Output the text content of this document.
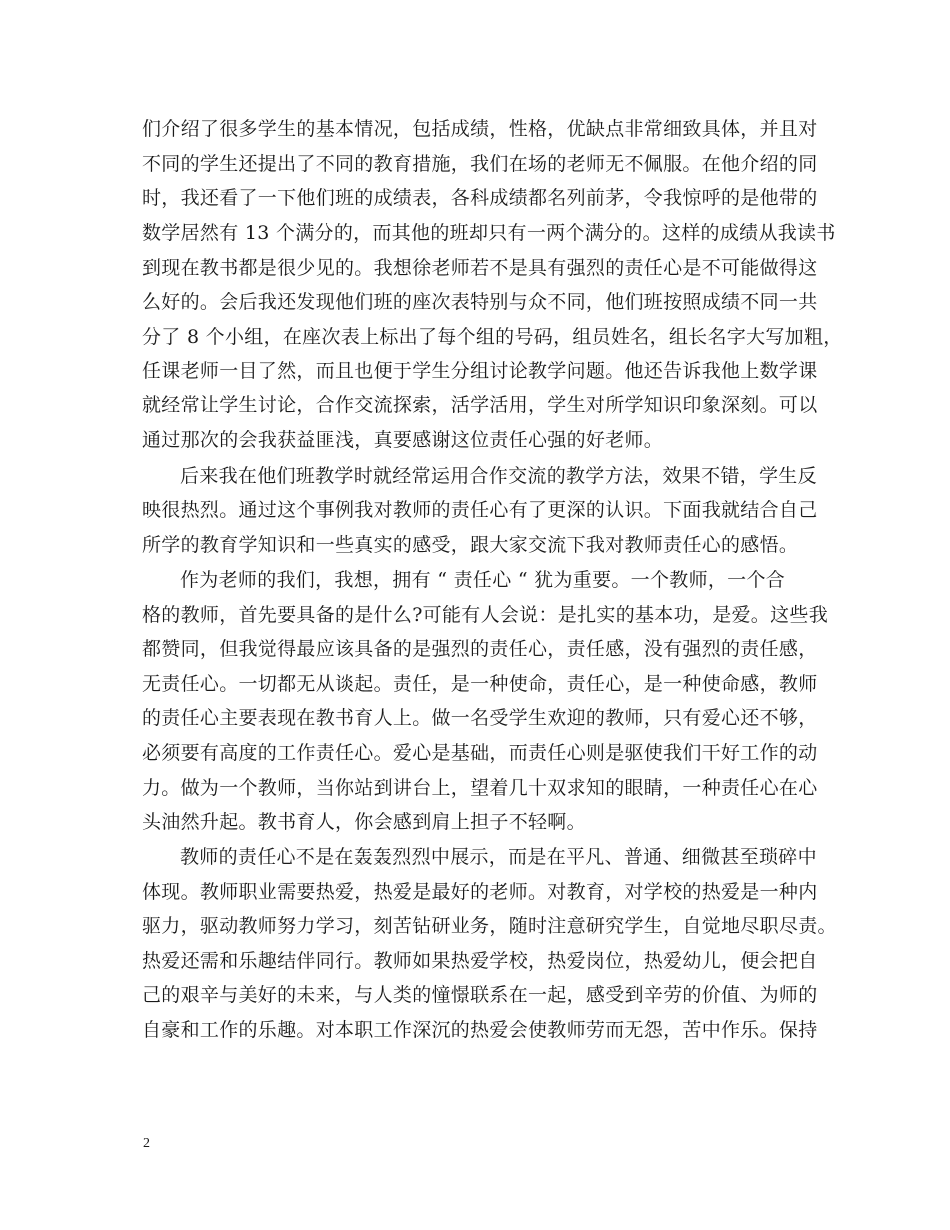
们介绍了很多学生的基本情况，包括成绩，性格，优缺点非常细致具体，并且对
不同的学生还提出了不同的教育措施，我们在场的老师无不佩服。在他介绍的同
时，我还看了一下他们班的成绩表，各科成绩都名列前茅，令我惊呼的是他带的
数学居然有 13 个满分的，而其他的班却只有一两个满分的。这样的成绩从我读书
到现在教书都是很少见的。我想徐老师若不是具有强烈的责任心是不可能做得这
么好的。会后我还发现他们班的座次表特别与众不同，他们班按照成绩不同一共
分了 8 个小组，在座次表上标出了每个组的号码，组员姓名，组长名字大写加粗，
任课老师一目了然，而且也便于学生分组讨论教学问题。他还告诉我他上数学课
就经常让学生讨论，合作交流探索，活学活用，学生对所学知识印象深刻。可以
通过那次的会我获益匪浅，真要感谢这位责任心强的好老师。
后来我在他们班教学时就经常运用合作交流的教学方法，效果不错，学生反
映很热烈。通过这个事例我对教师的责任心有了更深的认识。下面我就结合自己
所学的教育学知识和一些真实的感受，跟大家交流下我对教师责任心的感悟。
作为老师的我们，我想，拥有 “ 责任心 “ 犹为重要。一个教师，一个合
格的教师，首先要具备的是什么?可能有人会说：是扎实的基本功，是爱。这些我
都赞同，但我觉得最应该具备的是强烈的责任心，责任感，没有强烈的责任感，
无责任心。一切都无从谈起。责任，是一种使命，责任心，是一种使命感，教师
的责任心主要表现在教书育人上。做一名受学生欢迎的教师，只有爱心还不够，
必须要有高度的工作责任心。爱心是基础，而责任心则是驱使我们干好工作的动
力。做为一个教师，当你站到讲台上，望着几十双求知的眼睛，一种责任心在心
头油然升起。教书育人，你会感到肩上担子不轻啊。
教师的责任心不是在轰轰烈烈中展示，而是在平凡、普通、细微甚至琐碎中
体现。教师职业需要热爱，热爱是最好的老师。对教育，对学校的热爱是一种内
驱力，驱动教师努力学习，刻苦钻研业务，随时注意研究学生，自觉地尽职尽责。
热爱还需和乐趣结伴同行。教师如果热爱学校，热爱岗位，热爱幼儿，便会把自
己的艰辛与美好的未来，与人类的憧憬联系在一起，感受到辛劳的价值、为师的
自豪和工作的乐趣。对本职工作深沉的热爱会使教师劳而无怨，苦中作乐。保持
2
